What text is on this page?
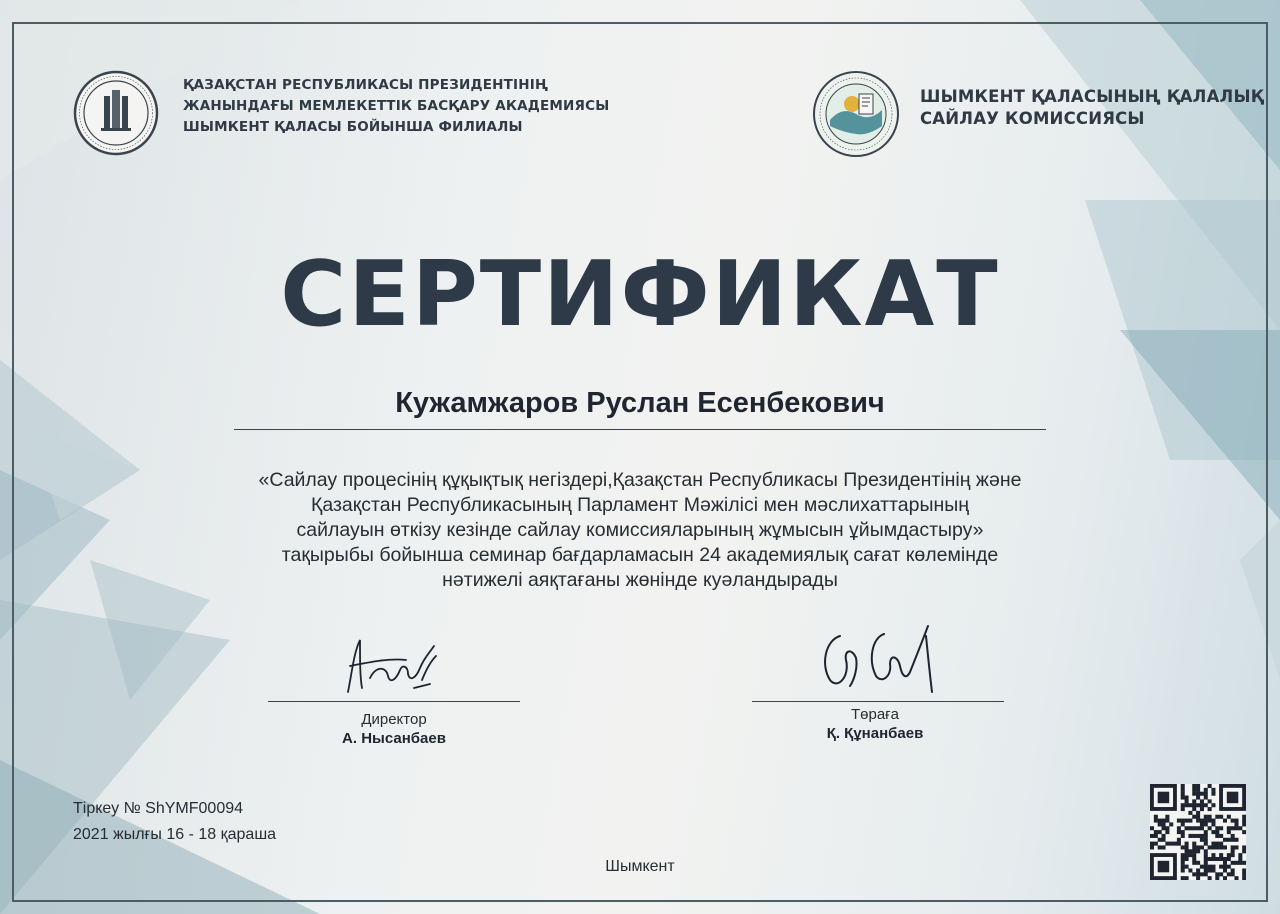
ҚАЗАҚСТАН РЕСПУБЛИКАСЫ ПРЕЗИДЕНТІНІҢ
ЖАНЫНДАҒЫ МЕМЛЕКЕТТІК БАСҚАРУ АКАДЕМИЯСЫ
ШЫМКЕНТ ҚАЛАСЫ БОЙЫНША ФИЛИАЛЫ
ШЫМКЕНТ ҚАЛАСЫНЫҢ ҚАЛАЛЫҚ
САЙЛАУ КОМИССИЯСЫ
СЕРТИФИКАТ
Кужамжаров Руслан Есенбекович
«Сайлау процесінің құқықтық негіздері,Қазақстан Республикасы Президентінің және
Қазақстан Республикасының Парламент Мәжілісі мен мәслихаттарының
сайлауын өткізу кезінде сайлау комиссияларының жұмысын ұйымдастыру»
тақырыбы бойынша семинар бағдарламасын 24 академиялық сағат көлемінде
нәтижелі аяқтағаны жөнінде куәландырады
Директор
А. Нысанбаев
Төраға
Қ. Құнанбаев
Тіркеу № ShYMF00094
2021 жылғы 16 - 18 қараша
Шымкент
